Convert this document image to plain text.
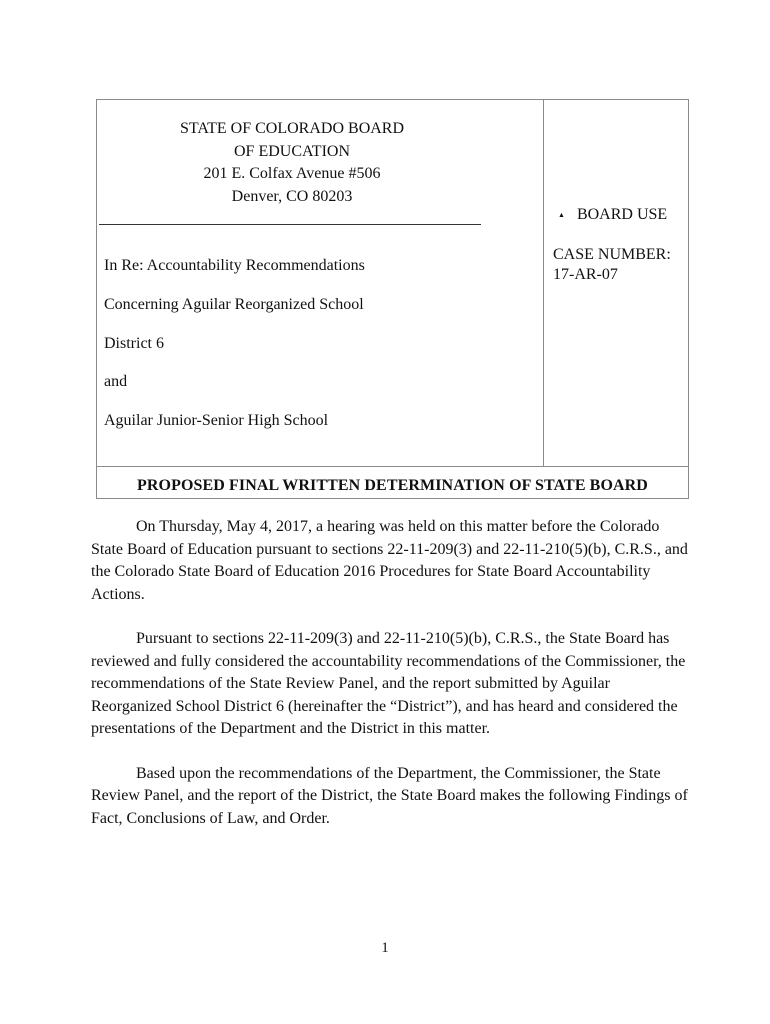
STATE OF COLORADO BOARD
OF EDUCATION
201 E. Colfax Avenue #506
Denver, CO 80203
In Re: Accountability Recommendations
Concerning Aguilar Reorganized School
District 6
and
Aguilar Junior-Senior High School
▲ BOARD USE
CASE NUMBER:
17-AR-07
PROPOSED FINAL WRITTEN DETERMINATION OF STATE BOARD

On Thursday, May 4, 2017, a hearing was held on this matter before the Colorado State Board of Education pursuant to sections 22-11-209(3) and 22-11-210(5)(b), C.R.S., and the Colorado State Board of Education 2016 Procedures for State Board Accountability Actions.

Pursuant to sections 22-11-209(3) and 22-11-210(5)(b), C.R.S., the State Board has reviewed and fully considered the accountability recommendations of the Commissioner, the recommendations of the State Review Panel, and the report submitted by Aguilar Reorganized School District 6 (hereinafter the “District”), and has heard and considered the presentations of the Department and the District in this matter.

Based upon the recommendations of the Department, the Commissioner, the State Review Panel, and the report of the District, the State Board makes the following Findings of Fact, Conclusions of Law, and Order.

1
